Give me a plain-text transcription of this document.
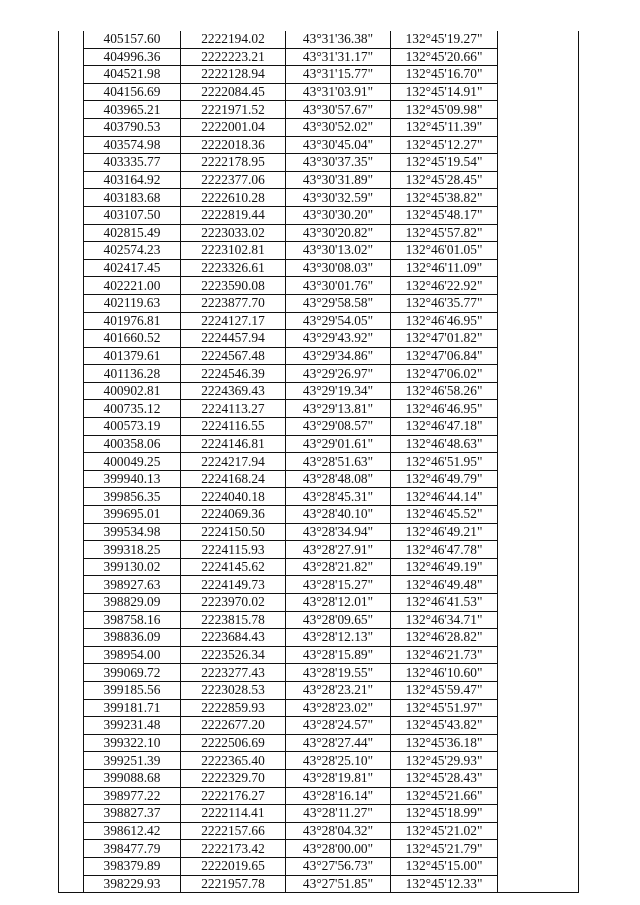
	405157.60	2222194.02	43°31'36.38"	132°45'19.27"	
	404996.36	2222223.21	43°31'31.17"	132°45'20.66"	
	404521.98	2222128.94	43°31'15.77"	132°45'16.70"	
	404156.69	2222084.45	43°31'03.91"	132°45'14.91"	
	403965.21	2221971.52	43°30'57.67"	132°45'09.98"	
	403790.53	2222001.04	43°30'52.02"	132°45'11.39"	
	403574.98	2222018.36	43°30'45.04"	132°45'12.27"	
	403335.77	2222178.95	43°30'37.35"	132°45'19.54"	
	403164.92	2222377.06	43°30'31.89"	132°45'28.45"	
	403183.68	2222610.28	43°30'32.59"	132°45'38.82"	
	403107.50	2222819.44	43°30'30.20"	132°45'48.17"	
	402815.49	2223033.02	43°30'20.82"	132°45'57.82"	
	402574.23	2223102.81	43°30'13.02"	132°46'01.05"	
	402417.45	2223326.61	43°30'08.03"	132°46'11.09"	
	402221.00	2223590.08	43°30'01.76"	132°46'22.92"	
	402119.63	2223877.70	43°29'58.58"	132°46'35.77"	
	401976.81	2224127.17	43°29'54.05"	132°46'46.95"	
	401660.52	2224457.94	43°29'43.92"	132°47'01.82"	
	401379.61	2224567.48	43°29'34.86"	132°47'06.84"	
	401136.28	2224546.39	43°29'26.97"	132°47'06.02"	
	400902.81	2224369.43	43°29'19.34"	132°46'58.26"	
	400735.12	2224113.27	43°29'13.81"	132°46'46.95"	
	400573.19	2224116.55	43°29'08.57"	132°46'47.18"	
	400358.06	2224146.81	43°29'01.61"	132°46'48.63"	
	400049.25	2224217.94	43°28'51.63"	132°46'51.95"	
	399940.13	2224168.24	43°28'48.08"	132°46'49.79"	
	399856.35	2224040.18	43°28'45.31"	132°46'44.14"	
	399695.01	2224069.36	43°28'40.10"	132°46'45.52"	
	399534.98	2224150.50	43°28'34.94"	132°46'49.21"	
	399318.25	2224115.93	43°28'27.91"	132°46'47.78"	
	399130.02	2224145.62	43°28'21.82"	132°46'49.19"	
	398927.63	2224149.73	43°28'15.27"	132°46'49.48"	
	398829.09	2223970.02	43°28'12.01"	132°46'41.53"	
	398758.16	2223815.78	43°28'09.65"	132°46'34.71"	
	398836.09	2223684.43	43°28'12.13"	132°46'28.82"	
	398954.00	2223526.34	43°28'15.89"	132°46'21.73"	
	399069.72	2223277.43	43°28'19.55"	132°46'10.60"	
	399185.56	2223028.53	43°28'23.21"	132°45'59.47"	
	399181.71	2222859.93	43°28'23.02"	132°45'51.97"	
	399231.48	2222677.20	43°28'24.57"	132°45'43.82"	
	399322.10	2222506.69	43°28'27.44"	132°45'36.18"	
	399251.39	2222365.40	43°28'25.10"	132°45'29.93"	
	399088.68	2222329.70	43°28'19.81"	132°45'28.43"	
	398977.22	2222176.27	43°28'16.14"	132°45'21.66"	
	398827.37	2222114.41	43°28'11.27"	132°45'18.99"	
	398612.42	2222157.66	43°28'04.32"	132°45'21.02"	
	398477.79	2222173.42	43°28'00.00"	132°45'21.79"	
	398379.89	2222019.65	43°27'56.73"	132°45'15.00"	
	398229.93	2221957.78	43°27'51.85"	132°45'12.33"	
